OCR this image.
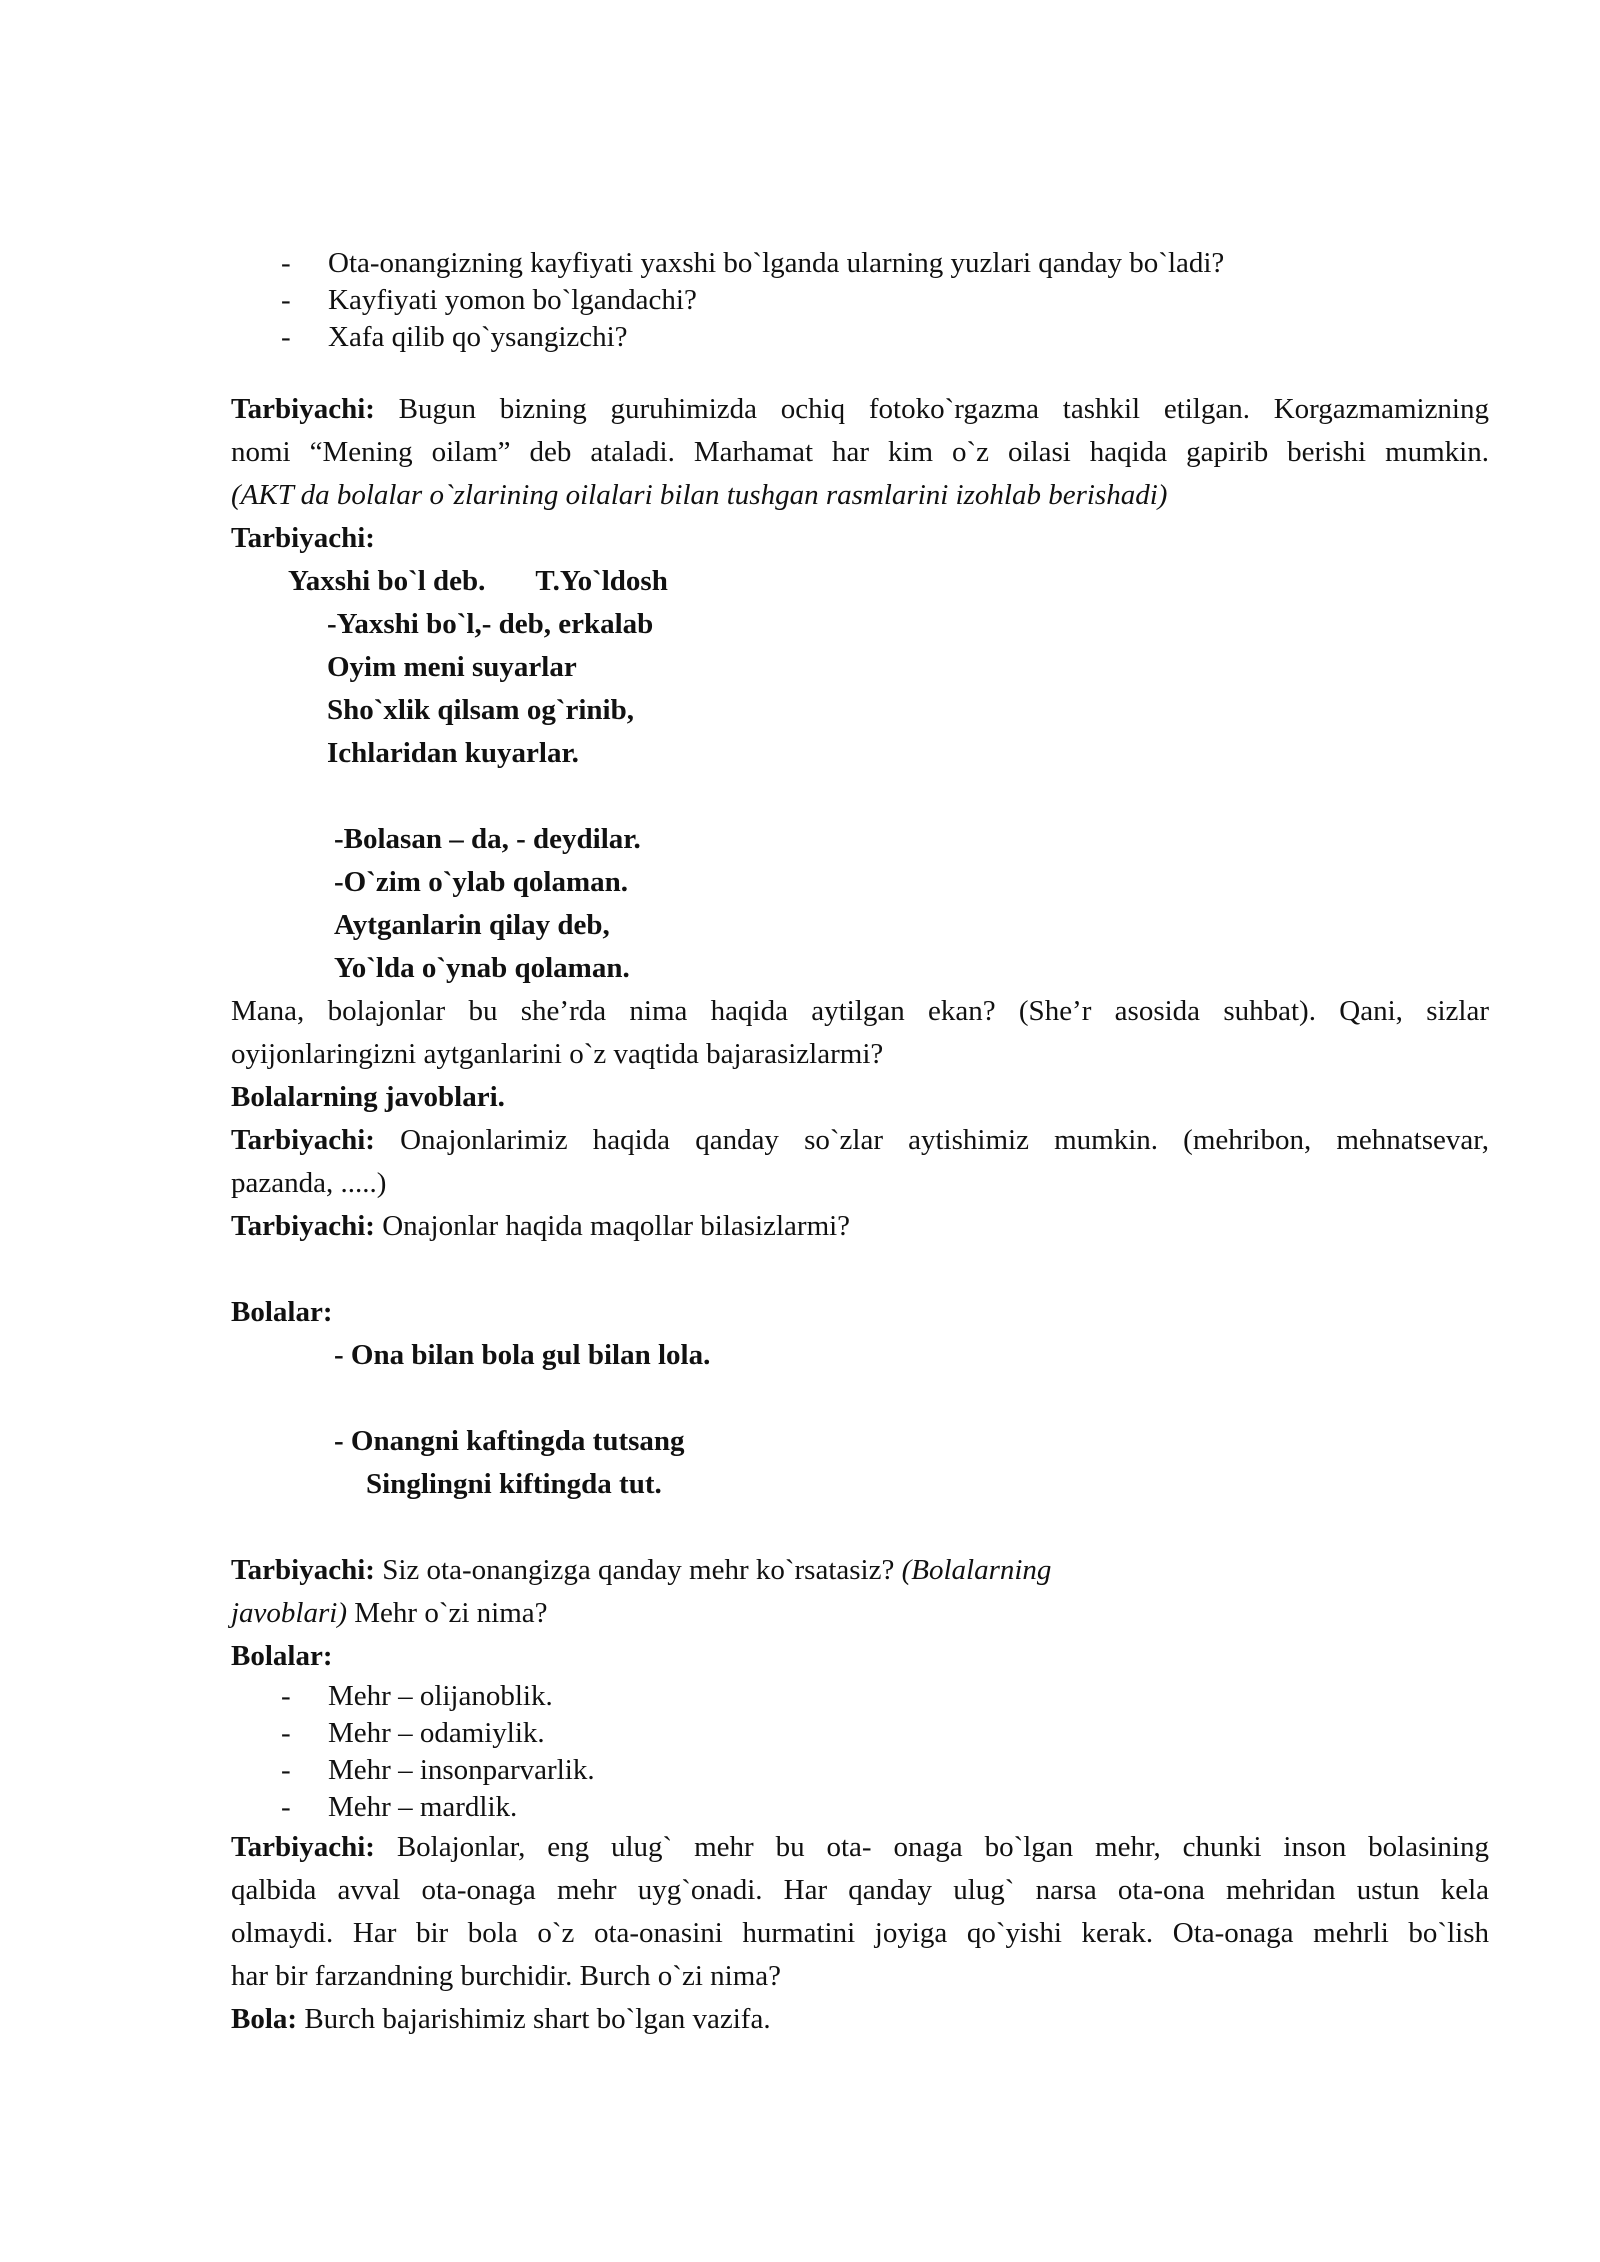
- Ota-onangizning kayfiyati yaxshi bo`lganda ularning yuzlari qanday bo`ladi?
- Kayfiyati yomon bo`lgandachi?
- Xafa qilib qo`ysangizchi?

Tarbiyachi: Bugun bizning guruhimizda ochiq fotoko`rgazma tashkil etilgan. Korgazmamizning

nomi “Mening oilam” deb ataladi. Marhamat har kim o`z oilasi haqida gapirib berishi mumkin.

(AKT da bolalar o`zlarining oilalari bilan tushgan rasmlarini izohlab berishadi)

Tarbiyachi:

Yaxshi bo`l deb. T.Yo`ldosh

-Yaxshi bo`l,- deb, erkalab

Oyim meni suyarlar

Sho`xlik qilsam og`rinib,

Ichlaridan kuyarlar.

-Bolasan – da, - deydilar.

-O`zim o`ylab qolaman.

Aytganlarin qilay deb,

Yo`lda o`ynab qolaman.

Mana, bolajonlar bu she’rda nima haqida aytilgan ekan? (She’r asosida suhbat). Qani, sizlar

oyijonlaringizni aytganlarini o`z vaqtida bajarasizlarmi?

Bolalarning javoblari.

Tarbiyachi: Onajonlarimiz haqida qanday so`zlar aytishimiz mumkin. (mehribon, mehnatsevar,

pazanda, .....)

Tarbiyachi: Onajonlar haqida maqollar bilasizlarmi?

Bolalar:

- Ona bilan bola gul bilan lola.

- Onangni kaftingda tutsang

Singlingni kiftingda tut.

Tarbiyachi: Siz ota-onangizga qanday mehr ko`rsatasiz? (Bolalarning

javoblari) Mehr o`zi nima?

Bolalar:

- Mehr – olijanoblik.
- Mehr – odamiylik.
- Mehr – insonparvarlik.
- Mehr – mardlik.

Tarbiyachi: Bolajonlar, eng ulug` mehr bu ota- onaga bo`lgan mehr, chunki inson bolasining

qalbida avval ota-onaga mehr uyg`onadi. Har qanday ulug` narsa ota-ona mehridan ustun kela

olmaydi. Har bir bola o`z ota-onasini hurmatini joyiga qo`yishi kerak. Ota-onaga mehrli bo`lish

har bir farzandning burchidir. Burch o`zi nima?

Bola: Burch bajarishimiz shart bo`lgan vazifa.
